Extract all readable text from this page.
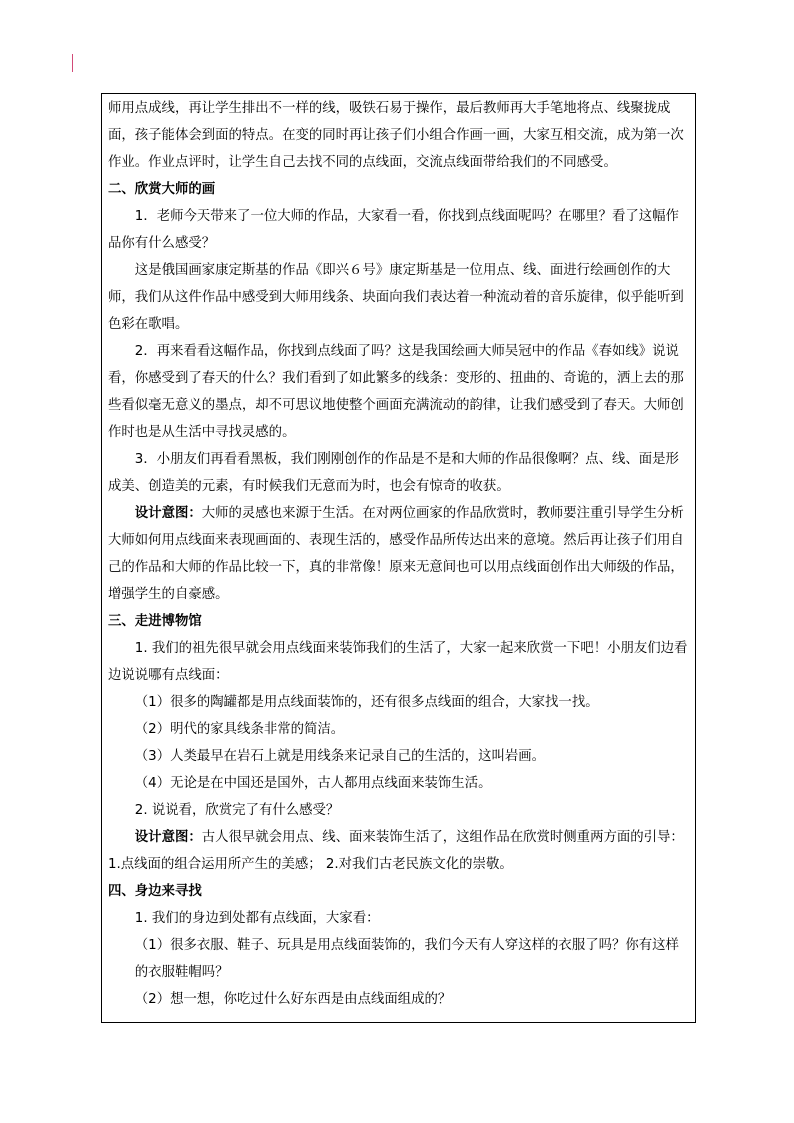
师用点成线，再让学生排出不一样的线，吸铁石易于操作，最后教师再大手笔地将点、线聚拢成面，孩子能体会到面的特点。在变的同时再让孩子们小组合作画一画，大家互相交流，成为第一次作业。作业点评时，让学生自己去找不同的点线面，交流点线面带给我们的不同感受。

二、欣赏大师的画

1．老师今天带来了一位大师的作品，大家看一看，你找到点线面呢吗？在哪里？看了这幅作品你有什么感受？

这是俄国画家康定斯基的作品《即兴６号》康定斯基是一位用点、线、面进行绘画创作的大师，我们从这件作品中感受到大师用线条、块面向我们表达着一种流动着的音乐旋律，似乎能听到色彩在歌唱。

2．再来看看这幅作品，你找到点线面了吗？这是我国绘画大师吴冠中的作品《春如线》说说看，你感受到了春天的什么？我们看到了如此繁多的线条：变形的、扭曲的、奇诡的，洒上去的那些看似毫无意义的墨点，却不可思议地使整个画面充满流动的韵律，让我们感受到了春天。大师创作时也是从生活中寻找灵感的。

3．小朋友们再看看黑板，我们刚刚创作的作品是不是和大师的作品很像啊？点、线、面是形成美、创造美的元素，有时候我们无意而为时，也会有惊奇的收获。

设计意图：大师的灵感也来源于生活。在对两位画家的作品欣赏时，教师要注重引导学生分析大师如何用点线面来表现画面的、表现生活的，感受作品所传达出来的意境。然后再让孩子们用自己的作品和大师的作品比较一下，真的非常像！原来无意间也可以用点线面创作出大师级的作品，增强学生的自豪感。

三、走进博物馆

1. 我们的祖先很早就会用点线面来装饰我们的生活了，大家一起来欣赏一下吧！小朋友们边看边说说哪有点线面：

（1）很多的陶罐都是用点线面装饰的，还有很多点线面的组合，大家找一找。

（2）明代的家具线条非常的简洁。

（3）人类最早在岩石上就是用线条来记录自己的生活的，这叫岩画。

（4）无论是在中国还是国外，古人都用点线面来装饰生活。

2. 说说看，欣赏完了有什么感受？

设计意图：古人很早就会用点、线、面来装饰生活了，这组作品在欣赏时侧重两方面的引导： 1.点线面的组合运用所产生的美感； 2.对我们古老民族文化的崇敬。

四、身边来寻找

1. 我们的身边到处都有点线面，大家看：

（1）很多衣服、鞋子、玩具是用点线面装饰的，我们今天有人穿这样的衣服了吗？你有这样的衣服鞋帽吗？

（2）想一想，你吃过什么好东西是由点线面组成的？
